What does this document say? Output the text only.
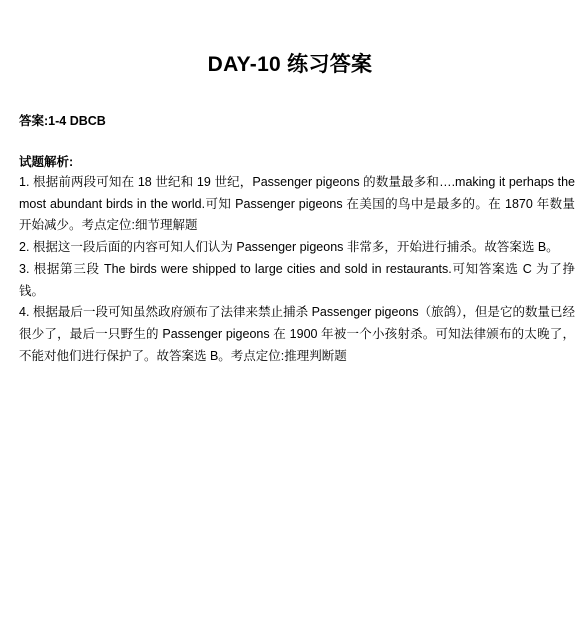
DAY-10 练习答案
答案:1-4 DBCB
试题解析:

1. 根据前两段可知在 18 世纪和 19 世纪，Passenger pigeons 的数量最多和….making it perhaps the most abundant birds in the world.可知 Passenger pigeons 在美国的鸟中是最多的。在 1870 年数量开始减少。考点定位:细节理解题

2. 根据这一段后面的内容可知人们认为 Passenger pigeons 非常多，开始进行捕杀。故答案选 B。

3. 根据第三段 The birds were shipped to large cities and sold in restaurants.可知答案选 C 为了挣钱。

4. 根据最后一段可知虽然政府颁布了法律来禁止捕杀 Passenger pigeons（旅鸽），但是它的数量已经很少了，最后一只野生的 Passenger pigeons 在 1900 年被一个小孩射杀。可知法律颁布的太晚了，不能对他们进行保护了。故答案选 B。考点定位:推理判断题
